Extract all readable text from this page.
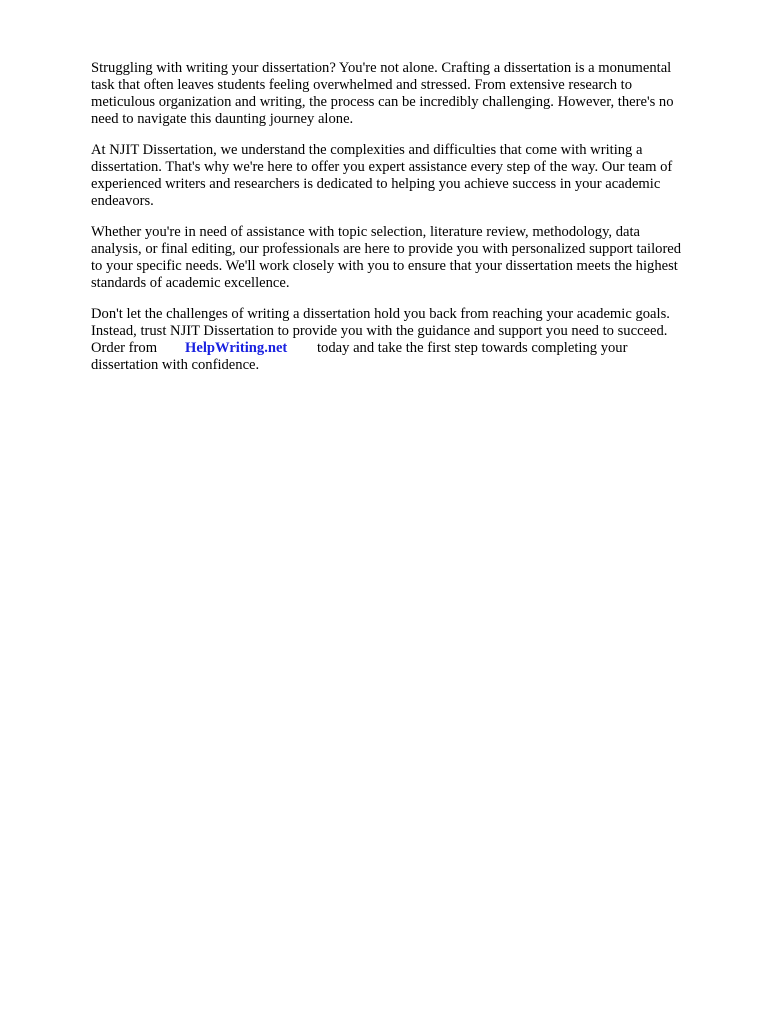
Struggling with writing your dissertation? You're not alone. Crafting a dissertation is a monumental
task that often leaves students feeling overwhelmed and stressed. From extensive research to
meticulous organization and writing, the process can be incredibly challenging. However, there's no
need to navigate this daunting journey alone.

At NJIT Dissertation, we understand the complexities and difficulties that come with writing a
dissertation. That's why we're here to offer you expert assistance every step of the way. Our team of
experienced writers and researchers is dedicated to helping you achieve success in your academic
endeavors.

Whether you're in need of assistance with topic selection, literature review, methodology, data
analysis, or final editing, our professionals are here to provide you with personalized support tailored
to your specific needs. We'll work closely with you to ensure that your dissertation meets the highest
standards of academic excellence.

Don't let the challenges of writing a dissertation hold you back from reaching your academic goals.
Instead, trust NJIT Dissertation to provide you with the guidance and support you need to succeed.
Order from HelpWriting.net today and take the first step towards completing your
dissertation with confidence.
